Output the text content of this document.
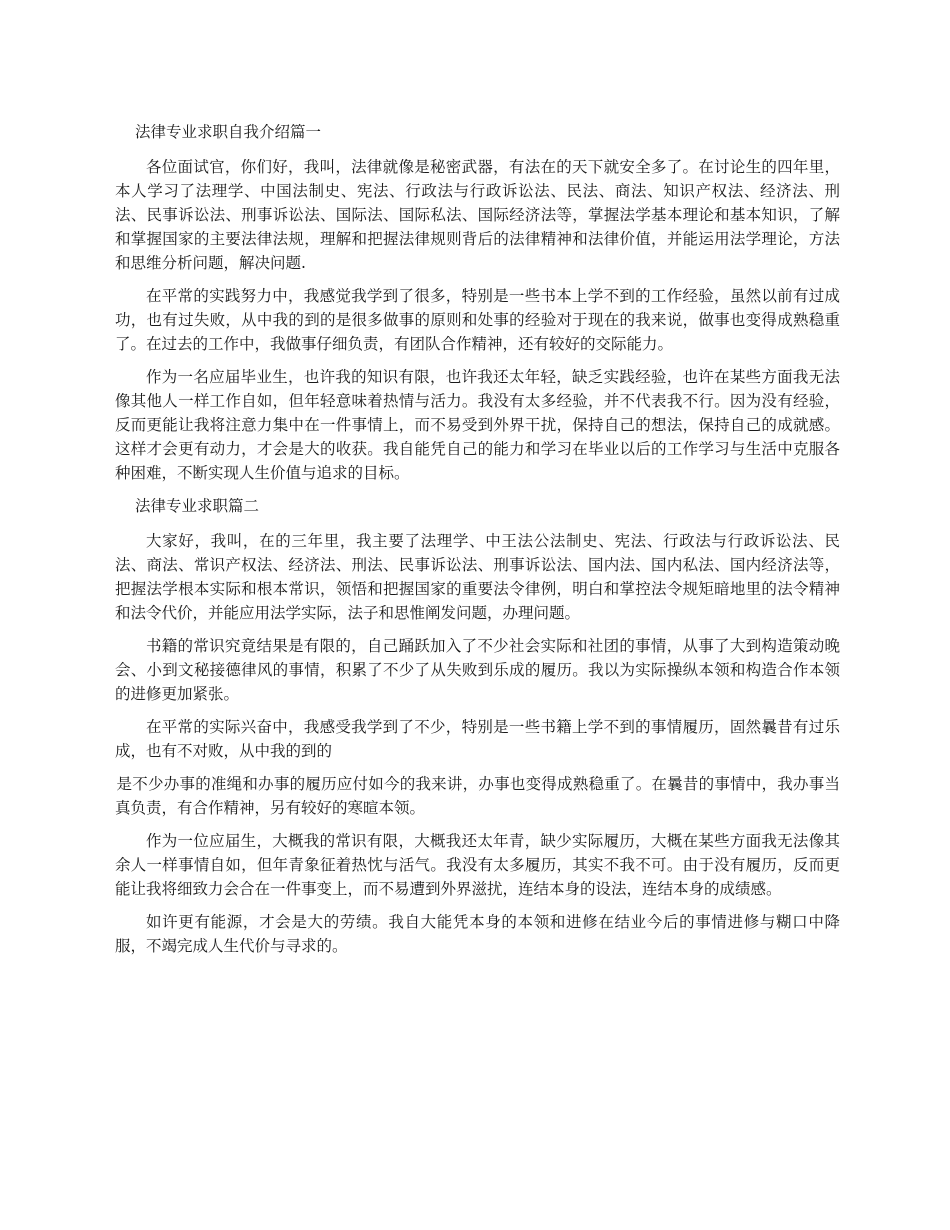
法律专业求职自我介绍篇一

各位面试官，你们好，我叫，法律就像是秘密武器，有法在的天下就安全多了。在讨论生的四年里，本人学习了法理学、中国法制史、宪法、行政法与行政诉讼法、民法、商法、知识产权法、经济法、刑法、民事诉讼法、刑事诉讼法、国际法、国际私法、国际经济法等，掌握法学基本理论和基本知识，了解和掌握国家的主要法律法规，理解和把握法律规则背后的法律精神和法律价值，并能运用法学理论，方法和思维分析问题，解决问题.

在平常的实践努力中，我感觉我学到了很多，特别是一些书本上学不到的工作经验，虽然以前有过成功，也有过失败，从中我的到的是很多做事的原则和处事的经验对于现在的我来说，做事也变得成熟稳重了。在过去的工作中，我做事仔细负责，有团队合作精神，还有较好的交际能力。

作为一名应届毕业生，也许我的知识有限，也许我还太年轻，缺乏实践经验，也许在某些方面我无法像其他人一样工作自如，但年轻意味着热情与活力。我没有太多经验，并不代表我不行。因为没有经验，反而更能让我将注意力集中在一件事情上，而不易受到外界干扰，保持自己的想法，保持自己的成就感。这样才会更有动力，才会是大的收获。我自能凭自己的能力和学习在毕业以后的工作学习与生活中克服各种困难，不断实现人生价值与追求的目标。

法律专业求职篇二

大家好，我叫，在的三年里，我主要了法理学、中王法公法制史、宪法、行政法与行政诉讼法、民法、商法、常识产权法、经济法、刑法、民事诉讼法、刑事诉讼法、国内法、国内私法、国内经济法等，把握法学根本实际和根本常识，领悟和把握国家的重要法令律例，明白和掌控法令规矩暗地里的法令精神和法令代价，并能应用法学实际，法子和思惟阐发问题，办理问题。

书籍的常识究竟结果是有限的，自己踊跃加入了不少社会实际和社团的事情，从事了大到构造策动晚会、小到文秘接德律风的事情，积累了不少了从失败到乐成的履历。我以为实际操纵本领和构造合作本领的进修更加紧张。

在平常的实际兴奋中，我感受我学到了不少，特别是一些书籍上学不到的事情履历，固然曩昔有过乐成，也有不对败，从中我的到的

是不少办事的准绳和办事的履历应付如今的我来讲，办事也变得成熟稳重了。在曩昔的事情中，我办事当真负责，有合作精神，另有较好的寒暄本领。

作为一位应届生，大概我的常识有限，大概我还太年青，缺少实际履历，大概在某些方面我无法像其余人一样事情自如，但年青象征着热忱与活气。我没有太多履历，其实不我不可。由于没有履历，反而更能让我将细致力会合在一件事变上，而不易遭到外界滋扰，连结本身的设法，连结本身的成绩感。

如许更有能源，才会是大的劳绩。我自大能凭本身的本领和进修在结业今后的事情进修与糊口中降服，不竭完成人生代价与寻求的。
